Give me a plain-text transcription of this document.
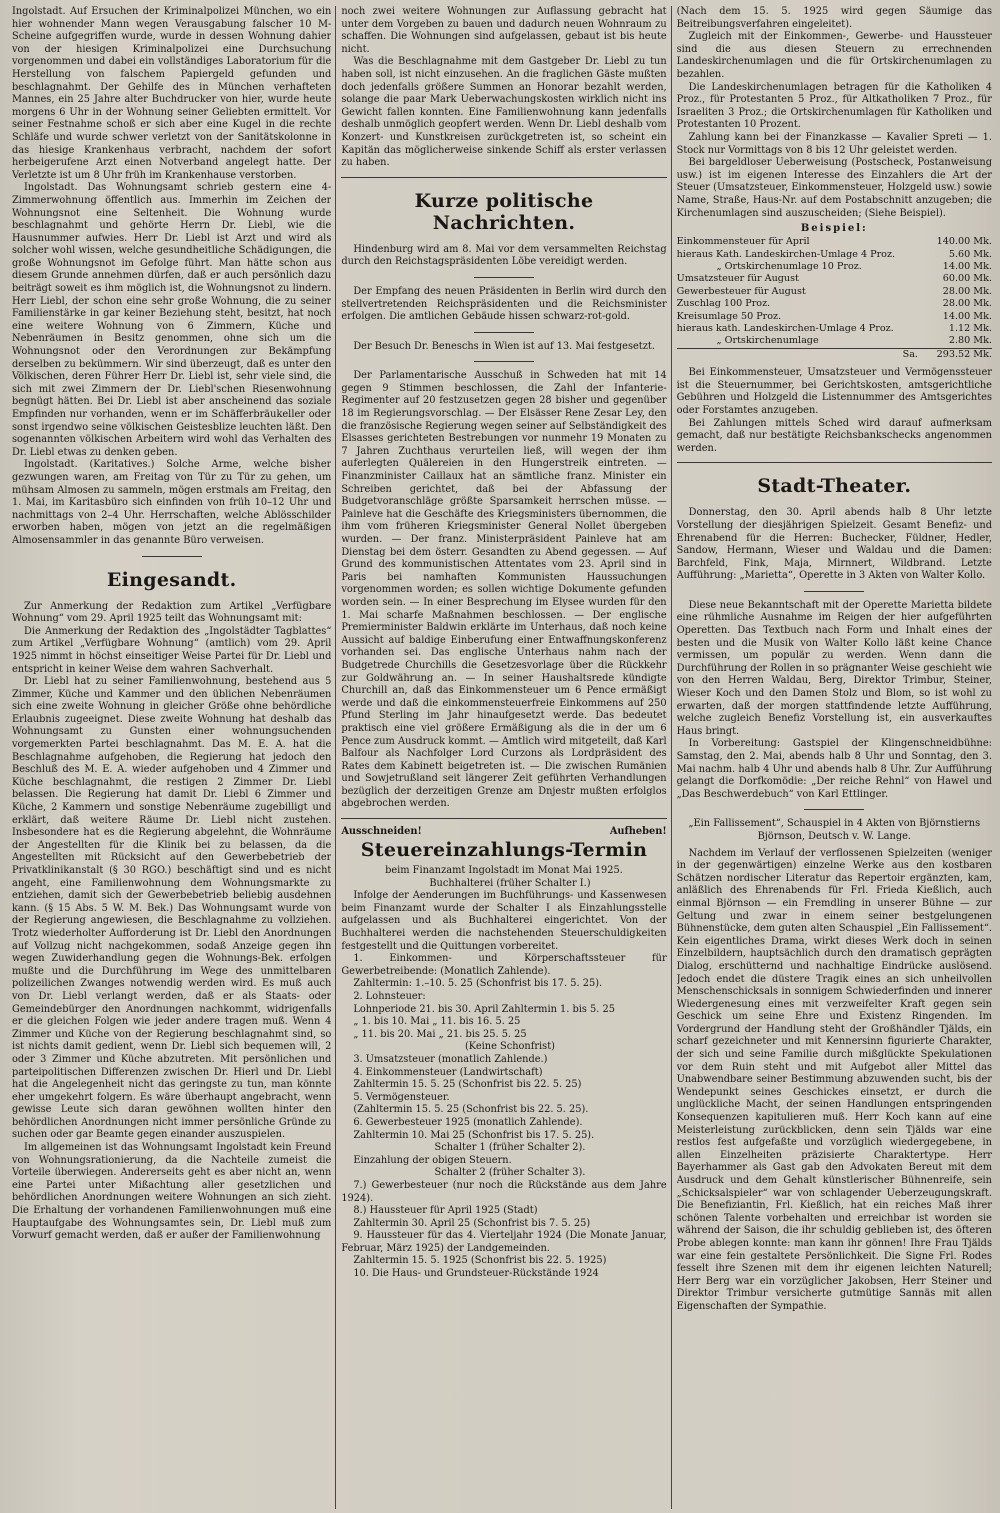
Ingolstadt. Auf Ersuchen der Kriminalpolizei München, wo ein hier wohnender Mann wegen Verausgabung falscher 10 M-Scheine aufgegriffen wurde, wurde in dessen Wohnung dahier von der hiesigen Kriminalpolizei eine Durchsuchung vorgenommen und dabei ein vollständiges Laboratorium für die Herstellung von falschem Papiergeld gefunden und beschlagnahmt. Der Gehilfe des in München verhafteten Mannes, ein 25 Jahre alter Buchdrucker von hier, wurde heute morgens 6 Uhr in der Wohnung seiner Geliebten ermittelt. Vor seiner Festnahme schoß er sich aber eine Kugel in die rechte Schläfe und wurde schwer verletzt von der Sanitätskolonne in das hiesige Krankenhaus verbracht, nachdem der sofort herbeigerufene Arzt einen Notverband angelegt hatte. Der Verletzte ist um 8 Uhr früh im Krankenhause verstorben.

Ingolstadt. Das Wohnungsamt schrieb gestern eine 4-Zimmerwohnung öffentlich aus. Immerhin im Zeichen der Wohnungsnot eine Seltenheit. Die Wohnung wurde beschlagnahmt und gehörte Herrn Dr. Liebl, wie die Hausnummer aufwies. Herr Dr. Liebl ist Arzt und wird als solcher wohl wissen, welche gesundheitliche Schädigungen, die große Wohnungsnot im Gefolge führt. Man hätte schon aus diesem Grunde annehmen dürfen, daß er auch persönlich dazu beiträgt soweit es ihm möglich ist, die Wohnungsnot zu lindern. Herr Liebl, der schon eine sehr große Wohnung, die zu seiner Familienstärke in gar keiner Beziehung steht, besitzt, hat noch eine weitere Wohnung von 6 Zimmern, Küche und Nebenräumen in Besitz genommen, ohne sich um die Wohnungsnot oder den Verordnungen zur Bekämpfung derselben zu bekümmern. Wir sind überzeugt, daß es unter den Völkischen, deren Führer Herr Dr. Liebl ist, sehr viele sind, die sich mit zwei Zimmern der Dr. Liebl'schen Riesenwohnung begnügt hätten. Bei Dr. Liebl ist aber anscheinend das soziale Empfinden nur vorhanden, wenn er im Schäfferbräukeller oder sonst irgendwo seine völkischen Geistesblize leuchten läßt. Den sogenannten völkischen Arbeitern wird wohl das Verhalten des Dr. Liebl etwas zu denken geben.

Ingolstadt. (Karitatives.) Solche Arme, welche bisher gezwungen waren, am Freitag von Tür zu Tür zu gehen, um mühsam Almosen zu sammeln, mögen erstmals am Freitag, den 1. Mai, im Karitasbüro sich einfinden von früh 10–12 Uhr und nachmittags von 2–4 Uhr. Herrschaften, welche Ablösschilder erworben haben, mögen von jetzt an die regelmäßigen Almosensammler in das genannte Büro verweisen.

Eingesandt.

Zur Anmerkung der Redaktion zum Artikel „Verfügbare Wohnung“ vom 29. April 1925 teilt das Wohnungsamt mit:

Die Anmerkung der Redaktion des „Ingolstädter Tagblattes“ zum Artikel „Verfügbare Wohnung“ (amtlich) vom 29. April 1925 nimmt in höchst einseitiger Weise Partei für Dr. Liebl und entspricht in keiner Weise dem wahren Sachverhalt.

Dr. Liebl hat zu seiner Familienwohnung, bestehend aus 5 Zimmer, Küche und Kammer und den üblichen Nebenräumen sich eine zweite Wohnung in gleicher Größe ohne behördliche Erlaubnis zugeeignet. Diese zweite Wohnung hat deshalb das Wohnungsamt zu Gunsten einer wohnungsuchenden vorgemerkten Partei beschlagnahmt. Das M. E. A. hat die Beschlagnahme aufgehoben, die Regierung hat jedoch den Beschluß des M. E. A. wieder aufgehoben und 4 Zimmer und Küche beschlagnahmt, die restigen 2 Zimmer Dr. Liebl belassen. Die Regierung hat damit Dr. Liebl 6 Zimmer und Küche, 2 Kammern und sonstige Nebenräume zugebilligt und erklärt, daß weitere Räume Dr. Liebl nicht zustehen. Insbesondere hat es die Regierung abgelehnt, die Wohnräume der Angestellten für die Klinik bei zu belassen, da die Angestellten mit Rücksicht auf den Gewerbebetrieb der Privatklinikanstalt (§ 30 RGO.) beschäftigt sind und es nicht angeht, eine Familienwohnung dem Wohnungsmarkte zu entziehen, damit sich der Gewerbebetrieb beliebig ausdehnen kann. (§ 15 Abs. 5 W. M. Bek.) Das Wohnungsamt wurde von der Regierung angewiesen, die Beschlagnahme zu vollziehen. Trotz wiederholter Aufforderung ist Dr. Liebl den Anordnungen auf Vollzug nicht nachgekommen, sodaß Anzeige gegen ihn wegen Zuwiderhandlung gegen die Wohnungs-Bek. erfolgen mußte und die Durchführung im Wege des unmittelbaren polizeilichen Zwanges notwendig werden wird. Es muß auch von Dr. Liebl verlangt werden, daß er als Staats- oder Gemeindebürger den Anordnungen nachkommt, widrigenfalls er die gleichen Folgen wie jeder andere tragen muß. Wenn 4 Zimmer und Küche von der Regierung beschlagnahmt sind, so ist nichts damit gedient, wenn Dr. Liebl sich bequemen will, 2 oder 3 Zimmer und Küche abzutreten. Mit persönlichen und parteipolitischen Differenzen zwischen Dr. Hierl und Dr. Liebl hat die Angelegenheit nicht das geringste zu tun, man könnte eher umgekehrt folgern. Es wäre überhaupt angebracht, wenn gewisse Leute sich daran gewöhnen wollten hinter den behördlichen Anordnungen nicht immer persönliche Gründe zu suchen oder gar Beamte gegen einander auszuspielen.

Im allgemeinen ist das Wohnungsamt Ingolstadt kein Freund von Wohnungsrationierung, da die Nachteile zumeist die Vorteile überwiegen. Andererseits geht es aber nicht an, wenn eine Partei unter Mißachtung aller gesetzlichen und behördlichen Anordnungen weitere Wohnungen an sich zieht. Die Erhaltung der vorhandenen Familienwohnungen muß eine Hauptaufgabe des Wohnungsamtes sein, Dr. Liebl muß zum Vorwurf gemacht werden, daß er außer der Familienwohnung

noch zwei weitere Wohnungen zur Auflassung gebracht hat unter dem Vorgeben zu bauen und dadurch neuen Wohnraum zu schaffen. Die Wohnungen sind aufgelassen, gebaut ist bis heute nicht.

Was die Beschlagnahme mit dem Gastgeber Dr. Liebl zu tun haben soll, ist nicht einzusehen. An die fraglichen Gäste mußten doch jedenfalls größere Summen an Honorar bezahlt werden, solange die paar Mark Ueberwachungskosten wirklich nicht ins Gewicht fallen konnten. Eine Familienwohnung kann jedenfalls deshalb unmöglich geopfert werden. Wenn Dr. Liebl deshalb vom Konzert- und Kunstkreisen zurückgetreten ist, so scheint ein Kapitän das möglicherweise sinkende Schiff als erster verlassen zu haben.

Kurze politische Nachrichten.

Hindenburg wird am 8. Mai vor dem versammelten Reichstag durch den Reichstagspräsidenten Löbe vereidigt werden.

Der Empfang des neuen Präsidenten in Berlin wird durch den stellvertretenden Reichspräsidenten und die Reichsminister erfolgen. Die amtlichen Gebäude hissen schwarz-rot-gold.

Der Besuch Dr. Beneschs in Wien ist auf 13. Mai festgesetzt.

Der Parlamentarische Ausschuß in Schweden hat mit 14 gegen 9 Stimmen beschlossen, die Zahl der Infanterie-Regimenter auf 20 festzusetzen gegen 28 bisher und gegenüber 18 im Regierungsvorschlag. — Der Elsässer Rene Zesar Ley, den die französische Regierung wegen seiner auf Selbständigkeit des Elsasses gerichteten Bestrebungen vor nunmehr 19 Monaten zu 7 Jahren Zuchthaus verurteilen ließ, will wegen der ihm auferlegten Quälereien in den Hungerstreik eintreten. — Finanzminister Caillaux hat an sämtliche franz. Minister ein Schreiben gerichtet, daß bei der Abfassung der Budgetvoranschläge größte Sparsamkeit herrschen müsse. — Painleve hat die Geschäfte des Kriegsministers übernommen, die ihm vom früheren Kriegsminister General Nollet übergeben wurden. — Der franz. Ministerpräsident Painleve hat am Dienstag bei dem österr. Gesandten zu Abend gegessen. — Auf Grund des kommunistischen Attentates vom 23. April sind in Paris bei namhaften Kommunisten Haussuchungen vorgenommen worden; es sollen wichtige Dokumente gefunden worden sein. — In einer Besprechung im Elysee wurden für den 1. Mai scharfe Maßnahmen beschlossen. — Der englische Premierminister Baldwin erklärte im Unterhaus, daß noch keine Aussicht auf baldige Einberufung einer Entwaffnungskonferenz vorhanden sei. Das englische Unterhaus nahm nach der Budgetrede Churchills die Gesetzesvorlage über die Rückkehr zur Goldwährung an. — In seiner Haushaltsrede kündigte Churchill an, daß das Einkommensteuer um 6 Pence ermäßigt werde und daß die einkommensteuerfreie Einkommens auf 250 Pfund Sterling im Jahr hinaufgesetzt werde. Das bedeutet praktisch eine viel größere Ermäßigung als die in der um 6 Pence zum Ausdruck kommt. — Amtlich wird mitgeteilt, daß Karl Balfour als Nachfolger Lord Curzons als Lordpräsident des Rates dem Kabinett beigetreten ist. — Die zwischen Rumänien und Sowjetrußland seit längerer Zeit geführten Verhandlungen bezüglich der derzeitigen Grenze am Dnjestr mußten erfolglos abgebrochen werden.

Ausschneiden!	Aufheben!
Steuereinzahlungs-Termin

beim Finanzamt Ingolstadt im Monat Mai 1925.

Buchhalterei (früher Schalter I.)

Infolge der Aenderungen im Buchführungs- und Kassenwesen beim Finanzamt wurde der Schalter I als Einzahlungsstelle aufgelassen und als Buchhalterei eingerichtet. Von der Buchhalterei werden die nachstehenden Steuerschuldigkeiten festgestellt und die Quittungen vorbereitet.

1. Einkommen- und Körperschaftssteuer für Gewerbetreibende: (Monatlich Zahlende).

Zahltermin: 1.–10. 5. 25 (Schonfrist bis 17. 5. 25).

2. Lohnsteuer:

Lohnperiode 21. bis 30. April Zahltermin 1. bis 5. 25

„ 1. bis 10. Mai „ 11. bis 16. 5. 25

„ 11. bis 20. Mai „ 21. bis 25. 5. 25

(Keine Schonfrist)

3. Umsatzsteuer (monatlich Zahlende.)

4. Einkommensteuer (Landwirtschaft)

Zahltermin 15. 5. 25 (Schonfrist bis 22. 5. 25)

5. Vermögensteuer.

(Zahltermin 15. 5. 25 (Schonfrist bis 22. 5. 25).

6. Gewerbesteuer 1925 (monatlich Zahlende).

Zahltermin 10. Mai 25 (Schonfrist bis 17. 5. 25).

Schalter 1 (früher Schalter 2).

Einzahlung der obigen Steuern.

Schalter 2 (früher Schalter 3).

7.) Gewerbesteuer (nur noch die Rückstände aus dem Jahre 1924).

8.) Haussteuer für April 1925 (Stadt)

Zahltermin 30. April 25 (Schonfrist bis 7. 5. 25)

9. Haussteuer für das 4. Vierteljahr 1924 (Die Monate Januar, Februar, März 1925) der Landgemeinden.

Zahltermin 15. 5. 1925 (Schonfrist bis 22. 5. 1925)

10. Die Haus- und Grundsteuer-Rückstände 1924

(Nach dem 15. 5. 1925 wird gegen Säumige das Beitreibungsverfahren eingeleitet).

Zugleich mit der Einkommen-, Gewerbe- und Haussteuer sind die aus diesen Steuern zu errechnenden Landeskirchenumlagen und die für Ortskirchenumlagen zu bezahlen.

Die Landeskirchenumlagen betragen für die Katholiken 4 Proz., für Protestanten 5 Proz., für Altkatholiken 7 Proz., für Israeliten 3 Proz.; die Ortskirchenumlagen für Katholiken und Protestanten 10 Prozent.

Zahlung kann bei der Finanzkasse — Kavalier Spreti — 1. Stock nur Vormittags von 8 bis 12 Uhr geleistet werden.

Bei bargeldloser Ueberweisung (Postscheck, Postanweisung usw.) ist im eigenen Interesse des Einzahlers die Art der Steuer (Umsatzsteuer, Einkommensteuer, Holzgeld usw.) sowie Name, Straße, Haus-Nr. auf dem Postabschnitt anzugeben; die Kirchenumlagen sind auszuscheiden; (Siehe Beispiel).

Beispiel:
Einkommensteuer für April	140.00 Mk.
hieraus Kath. Landeskirchen-Umlage 4 Proz.	5.60 Mk.
„ Ortskirchenumlage 10 Proz.	14.00 Mk.
Umsatzsteuer für August	60.00 Mk.
Gewerbesteuer für August	28.00 Mk.
Zuschlag 100 Proz.	28.00 Mk.
Kreisumlage 50 Proz.	14.00 Mk.
hieraus kath. Landeskirchen-Umlage 4 Proz.	1.12 Mk.
„ Ortskirchenumlage	2.80 Mk.
Sa.	293.52 Mk.

Bei Einkommensteuer, Umsatzsteuer und Vermögenssteuer ist die Steuernummer, bei Gerichtskosten, amtsgerichtliche Gebühren und Holzgeld die Listennummer des Amtsgerichtes oder Forstamtes anzugeben.

Bei Zahlungen mittels Sched wird darauf aufmerksam gemacht, daß nur bestätigte Reichsbankschecks angenommen werden.

Stadt-Theater.

Donnerstag, den 30. April abends halb 8 Uhr letzte Vorstellung der diesjährigen Spielzeit. Gesamt Benefiz- und Ehrenabend für die Herren: Buchecker, Füldner, Hedler, Sandow, Hermann, Wieser und Waldau und die Damen: Barchfeld, Fink, Maja, Mirnnert, Wildbrand. Letzte Aufführung: „Marietta“, Operette in 3 Akten von Walter Kollo.

Diese neue Bekanntschaft mit der Operette Marietta bildete eine rühmliche Ausnahme im Reigen der hier aufgeführten Operetten. Das Textbuch nach Form und Inhalt eines der besten und die Musik von Walter Kollo läßt keine Chance vermissen, um populär zu werden. Wenn dann die Durchführung der Rollen in so prägnanter Weise geschieht wie von den Herren Waldau, Berg, Direktor Trimbur, Steiner, Wieser Koch und den Damen Stolz und Blom, so ist wohl zu erwarten, daß der morgen stattfindende letzte Aufführung, welche zugleich Benefiz Vorstellung ist, ein ausverkauftes Haus bringt.

In Vorbereitung: Gastspiel der Klingenschneidbühne: Samstag, den 2. Mai, abends halb 8 Uhr und Sonntag, den 3. Mai nachm. halb 4 Uhr und abends halb 8 Uhr. Zur Aufführung gelangt die Dorfkomödie: „Der reiche Rehnl“ von Hawel und „Das Beschwerdebuch“ von Karl Ettlinger.

„Ein Fallissement“, Schauspiel in 4 Akten von Björnstierns Björnson, Deutsch v. W. Lange.

Nachdem im Verlauf der verflossenen Spielzeiten (weniger in der gegenwärtigen) einzelne Werke aus den kostbaren Schätzen nordischer Literatur das Repertoir ergänzten, kam, anläßlich des Ehrenabends für Frl. Frieda Kießlich, auch einmal Björnson — ein Fremdling in unserer Bühne — zur Geltung und zwar in einem seiner bestgelungenen Bühnenstücke, dem guten alten Schauspiel „Ein Fallissement“. Kein eigentliches Drama, wirkt dieses Werk doch in seinen Einzelbildern, hauptsächlich durch den dramatisch geprägten Dialog, erschütternd und nachhaltige Eindrücke auslösend. Jedoch endet die düstere Tragik eines an sich unheilvollen Menschenschicksals in sonnigem Schwiederfinden und innerer Wiedergenesung eines mit verzweifelter Kraft gegen sein Geschick um seine Ehre und Existenz Ringenden. Im Vordergrund der Handlung steht der Großhändler Tjälds, ein scharf gezeichneter und mit Kennersinn figurierte Charakter, der sich und seine Familie durch mißglückte Spekulationen vor dem Ruin steht und mit Aufgebot aller Mittel das Unabwendbare seiner Bestimmung abzuwenden sucht, bis der Wendepunkt seines Geschickes einsetzt, er durch die unglückliche Macht, der seinen Handlungen entspringenden Konsequenzen kapitulieren muß. Herr Koch kann auf eine Meisterleistung zurückblicken, denn sein Tjälds war eine restlos fest aufgefaßte und vorzüglich wiedergegebene, in allen Einzelheiten präzisierte Charaktertype. Herr Bayerhammer als Gast gab den Advokaten Bereut mit dem Ausdruck und dem Gehalt künstlerischer Bühnenreife, sein „Schicksalspieler“ war von schlagender Ueberzeugungskraft. Die Benefiziantin, Frl. Kießlich, hat ein reiches Maß ihrer schönen Talente vorbehalten und erreichbar ist worden sie während der Saison, die ihr schuldig geblieben ist, des öfteren Probe ablegen konnte: man kann ihr gönnen! Ihre Frau Tjälds war eine fein gestaltete Persönlichkeit. Die Signe Frl. Rodes fesselt ihre Szenen mit dem ihr eigenen leichten Naturell; Herr Berg war ein vorzüglicher Jakobsen, Herr Steiner und Direktor Trimbur versicherte gutmütige Sannäs mit allen Eigenschaften der Sympathie.
